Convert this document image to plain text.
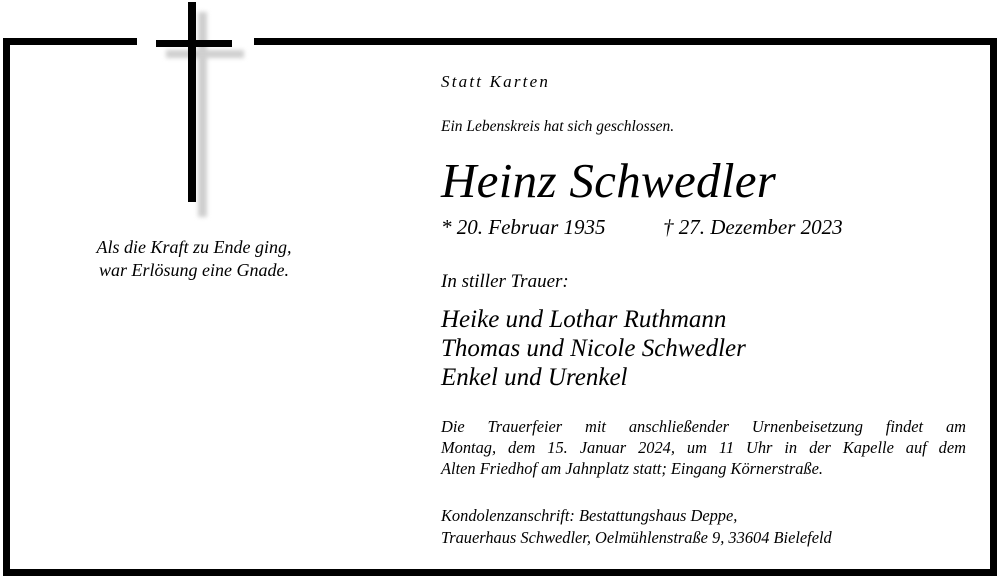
Als die Kraft zu Ende ging,
war Erlösung eine Gnade.
Statt Karten
Ein Lebenskreis hat sich geschlossen.
Heinz Schwedler
* 20. Februar 1935	† 27. Dezember 2023
In stiller Trauer:
Heike und Lothar Ruthmann
Thomas und Nicole Schwedler
Enkel und Urenkel
Die Trauerfeier mit anschließender Urnenbeisetzung findet am
Montag, dem 15. Januar 2024, um 11 Uhr in der Kapelle auf dem
Alten Friedhof am Jahnplatz statt; Eingang Körnerstraße.
Kondolenzanschrift: Bestattungshaus Deppe,
Trauerhaus Schwedler, Oelmühlenstraße 9, 33604 Bielefeld
